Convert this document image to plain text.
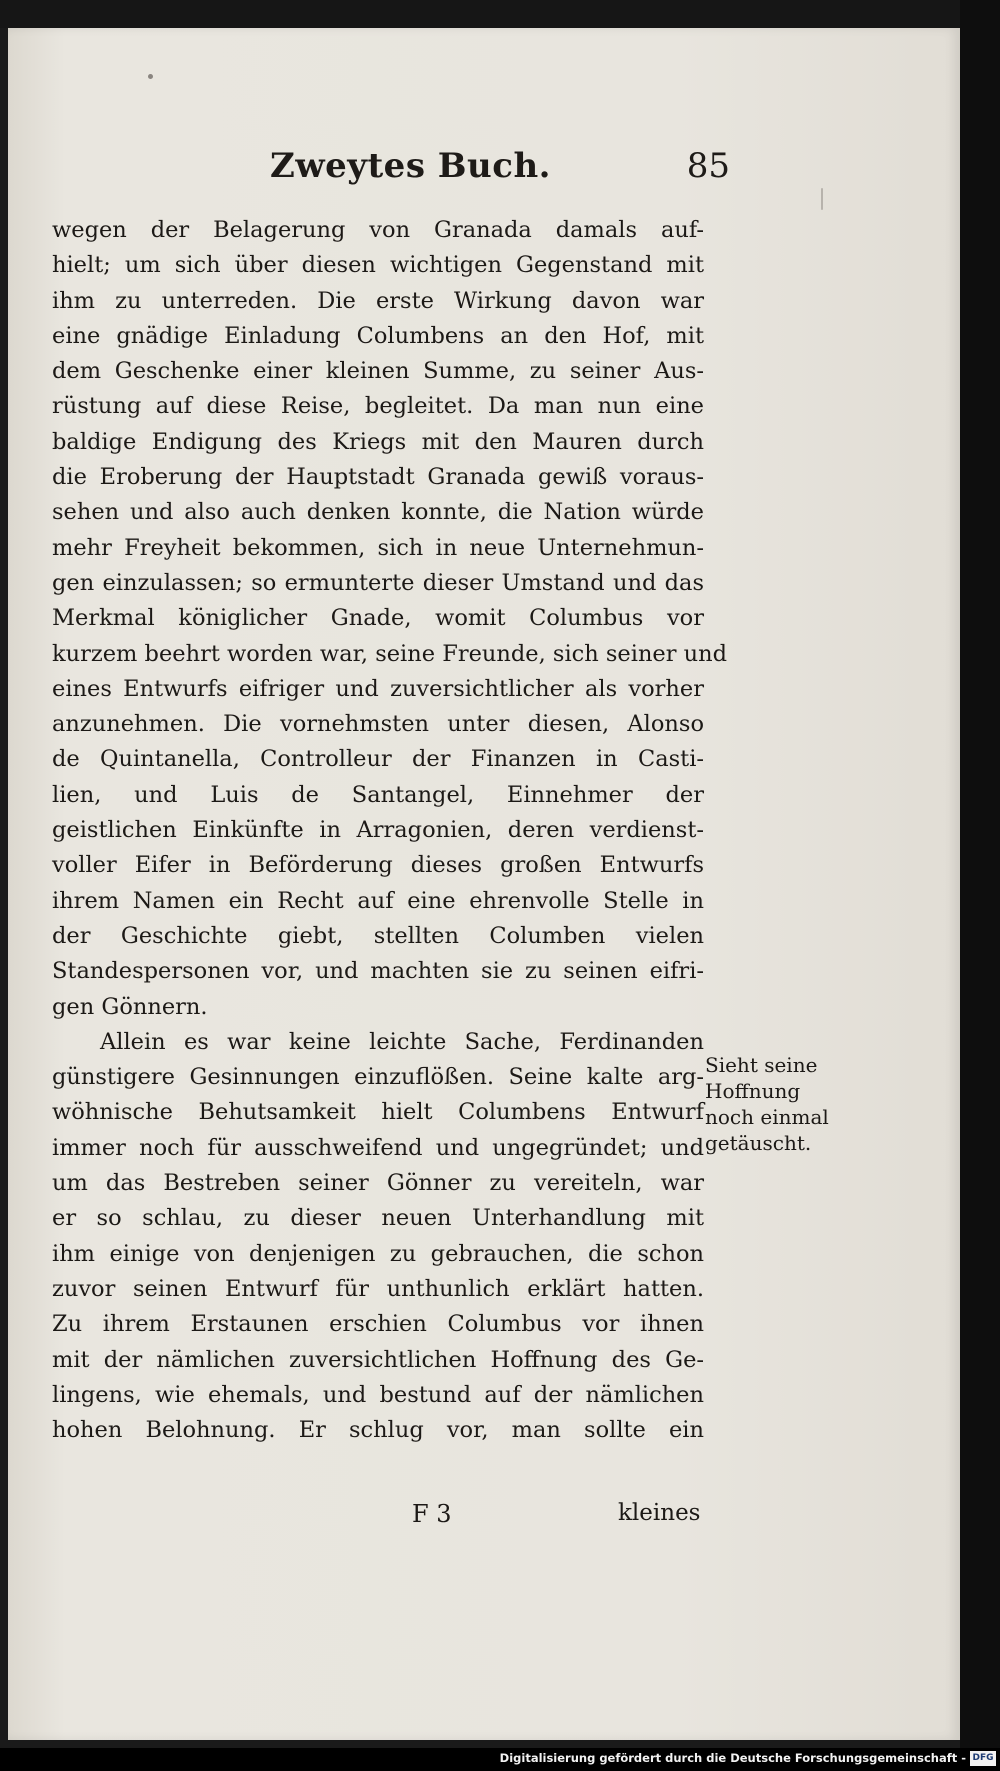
Zweytes Buch.	85
wegen der Belagerung von Granada damals auf-
hielt; um sich über diesen wichtigen Gegenstand mit
ihm zu unterreden. Die erste Wirkung davon war
eine gnädige Einladung Columbens an den Hof, mit
dem Geschenke einer kleinen Summe, zu seiner Aus-
rüstung auf diese Reise, begleitet. Da man nun eine
baldige Endigung des Kriegs mit den Mauren durch
die Eroberung der Hauptstadt Granada gewiß voraus-
sehen und also auch denken konnte, die Nation würde
mehr Freyheit bekommen, sich in neue Unternehmun-
gen einzulassen; so ermunterte dieser Umstand und das
Merkmal königlicher Gnade, womit Columbus vor
kurzem beehrt worden war, seine Freunde, sich seiner und
eines Entwurfs eifriger und zuversichtlicher als vorher
anzunehmen. Die vornehmsten unter diesen, Alonso
de Quintanella, Controlleur der Finanzen in Casti-
lien, und Luis de Santangel, Einnehmer der
geistlichen Einkünfte in Arragonien, deren verdienst-
voller Eifer in Beförderung dieses großen Entwurfs
ihrem Namen ein Recht auf eine ehrenvolle Stelle in
der Geschichte giebt, stellten Columben vielen
Standespersonen vor, und machten sie zu seinen eifri-
gen Gönnern.
Allein es war keine leichte Sache, Ferdinanden
günstigere Gesinnungen einzuflößen. Seine kalte arg-
wöhnische Behutsamkeit hielt Columbens Entwurf
immer noch für ausschweifend und ungegründet; und
um das Bestreben seiner Gönner zu vereiteln, war
er so schlau, zu dieser neuen Unterhandlung mit
ihm einige von denjenigen zu gebrauchen, die schon
zuvor seinen Entwurf für unthunlich erklärt hatten.
Zu ihrem Erstaunen erschien Columbus vor ihnen
mit der nämlichen zuversichtlichen Hoffnung des Ge-
lingens, wie ehemals, und bestund auf der nämlichen
hohen Belohnung. Er schlug vor, man sollte ein
Sieht seine
Hoffnung
noch einmal
getäuscht.
F 3	kleines
Digitalisierung gefördert durch die Deutsche Forschungsgemeinschaft - DFG
